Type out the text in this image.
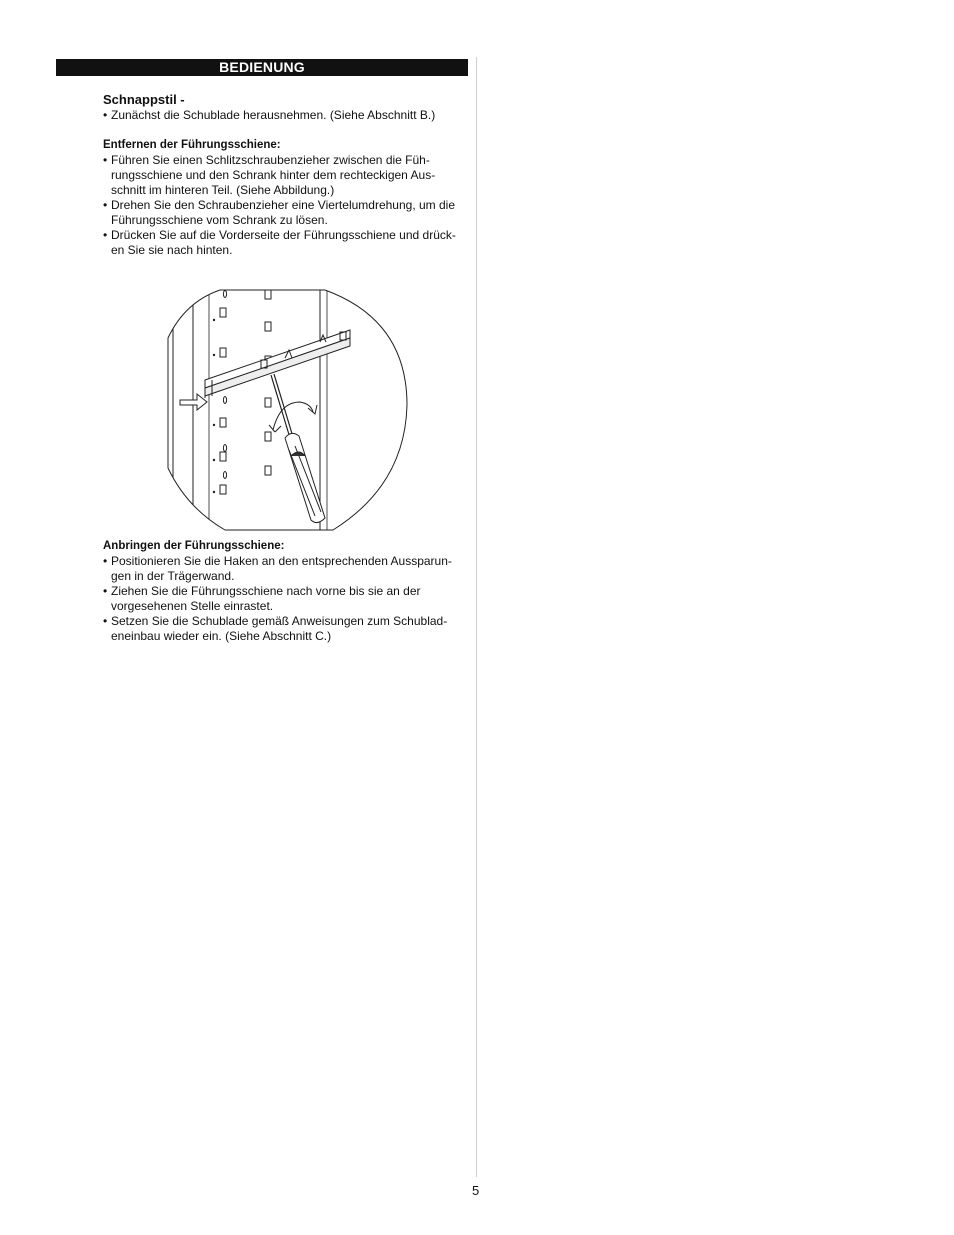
BEDIENUNG

Schnappstil -

• Zunächst die Schublade herausnehmen. (Siehe Abschnitt B.)

Entfernen der Führungsschiene:

• Führen Sie einen Schlitzschraubenzieher zwischen die Füh-
rungsschiene und den Schrank hinter dem rechteckigen Aus-
schnitt im hinteren Teil. (Siehe Abbildung.)
• Drehen Sie den Schraubenzieher eine Viertelumdrehung, um die
Führungsschiene vom Schrank zu lösen.
• Drücken Sie auf die Vorderseite der Führungsschiene und drück-
en Sie sie nach hinten.

Anbringen der Führungsschiene:

• Positionieren Sie die Haken an den entsprechenden Aussparun-
gen in der Trägerwand.
• Ziehen Sie die Führungsschiene nach vorne bis sie an der
vorgesehenen Stelle einrastet.
• Setzen Sie die Schublade gemäß Anweisungen zum Schublad-
eneinbau wieder ein. (Siehe Abschnitt C.)
5
